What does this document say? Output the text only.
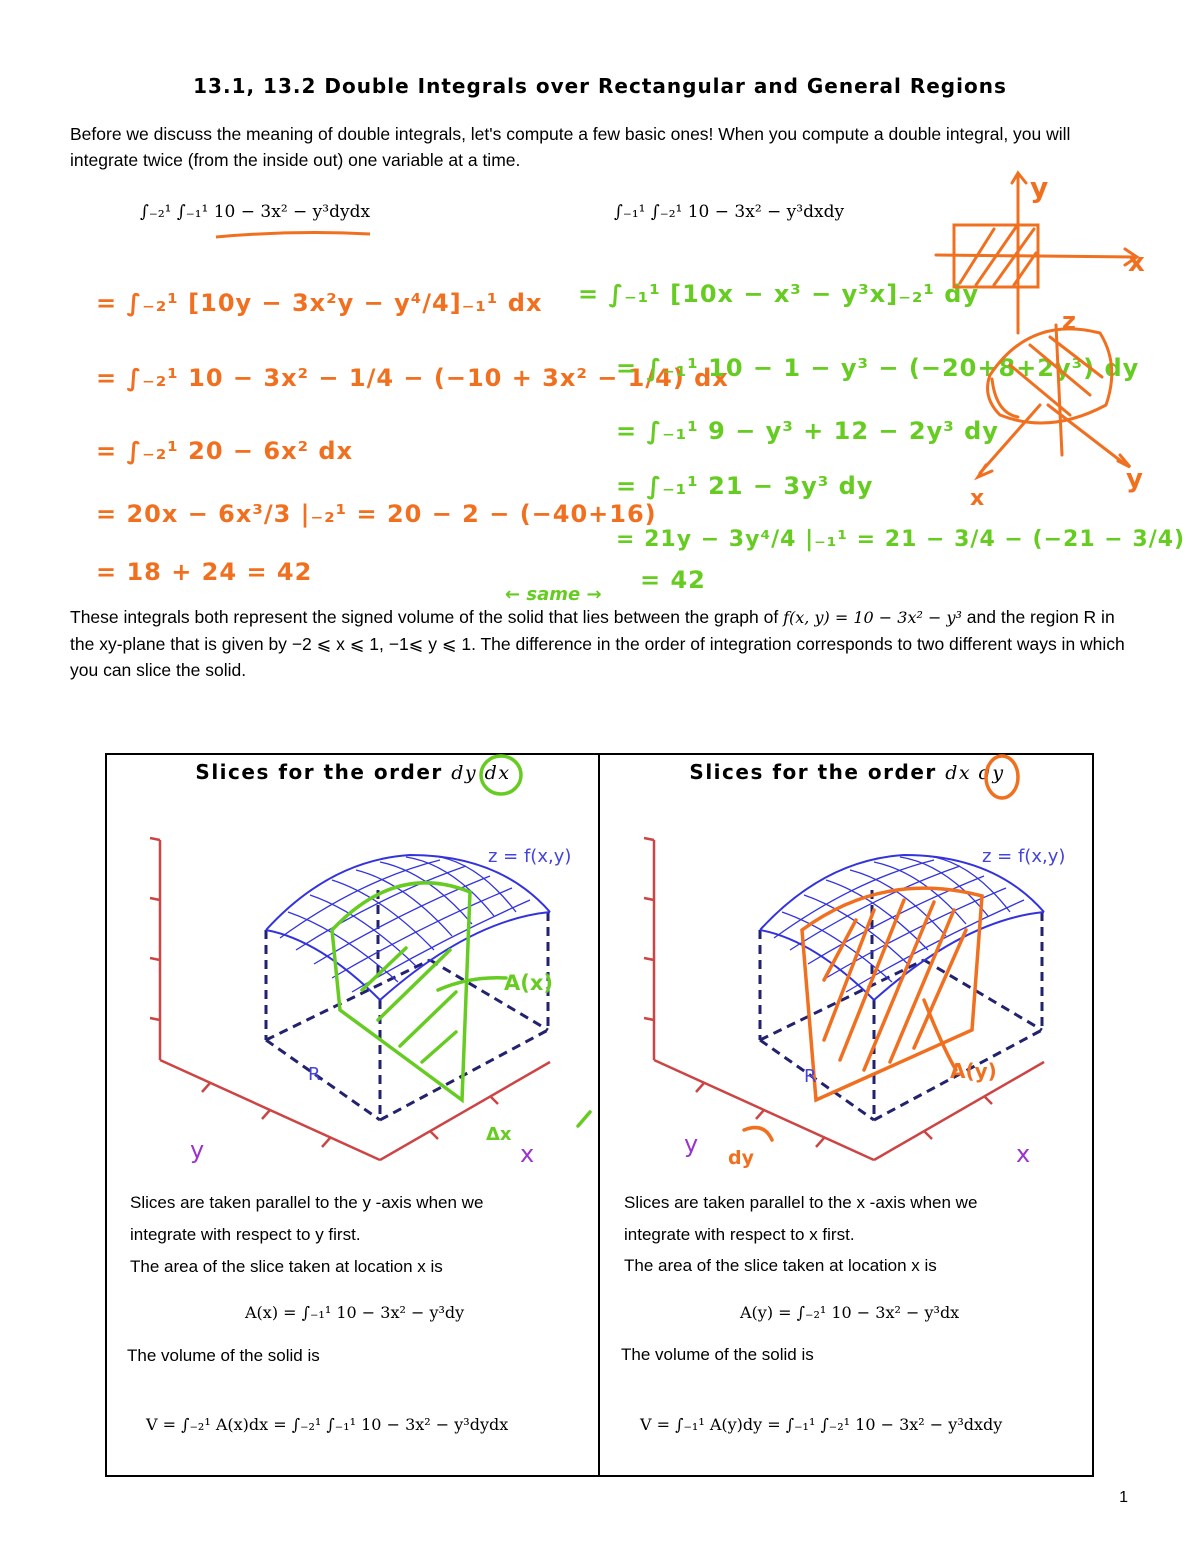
13.1, 13.2 Double Integrals over Rectangular and General Regions
Before we discuss the meaning of double integrals, let's compute a few basic ones! When you compute a double integral, you will integrate twice (from the inside out) one variable at a time.
∫₋₂¹ ∫₋₁¹ 10 − 3x² − y³dydx	∫₋₁¹ ∫₋₂¹ 10 − 3x² − y³dxdy
= ∫₋₂¹ [10y − 3x²y − y⁴/4]₋₁¹ dx
= ∫₋₂¹ 10 − 3x² − 1/4 − (−10 + 3x² − 1/4) dx
= ∫₋₂¹ 20 − 6x² dx
= 20x − 6x³/3 |₋₂¹ = 20 − 2 − (−40+16)
= 18 + 24 = 42
= ∫₋₁¹ [10x − x³ − y³x]₋₂¹ dy
= ∫₋₁¹ 10 − 1 − y³ − (−20+8+2y³) dy
= ∫₋₁¹ 9 − y³ + 12 − 2y³ dy
= ∫₋₁¹ 21 − 3y³ dy
= 21y − 3y⁴/4 |₋₁¹ = 21 − 3/4 − (−21 − 3/4)
= 42
← same →
y
x
z
y
x
These integrals both represent the signed volume of the solid that lies between the graph of f(x, y) = 10 − 3x² − y³ and the region R in the xy-plane that is given by −2 ⩽ x ⩽ 1, −1⩽ y ⩽ 1. The difference in the order of integration corresponds to two different ways in which you can slice the solid.
Slices for the order dy dx
z = f(x,y)
R
y	x
A(x)
Δx
Slices are taken parallel to the y -axis when we
integrate with respect to y first.
The area of the slice taken at location x is
A(x) = ∫₋₁¹ 10 − 3x² − y³dy
The volume of the solid is
V = ∫₋₂¹ A(x)dx = ∫₋₂¹ ∫₋₁¹ 10 − 3x² − y³dydx
Slices for the order dx dy
z = f(x,y)
R
y	x
A(y)
dy
Slices are taken parallel to the x -axis when we
integrate with respect to x first.
The area of the slice taken at location x is
A(y) = ∫₋₂¹ 10 − 3x² − y³dx
The volume of the solid is
V = ∫₋₁¹ A(y)dy = ∫₋₁¹ ∫₋₂¹ 10 − 3x² − y³dxdy
1
